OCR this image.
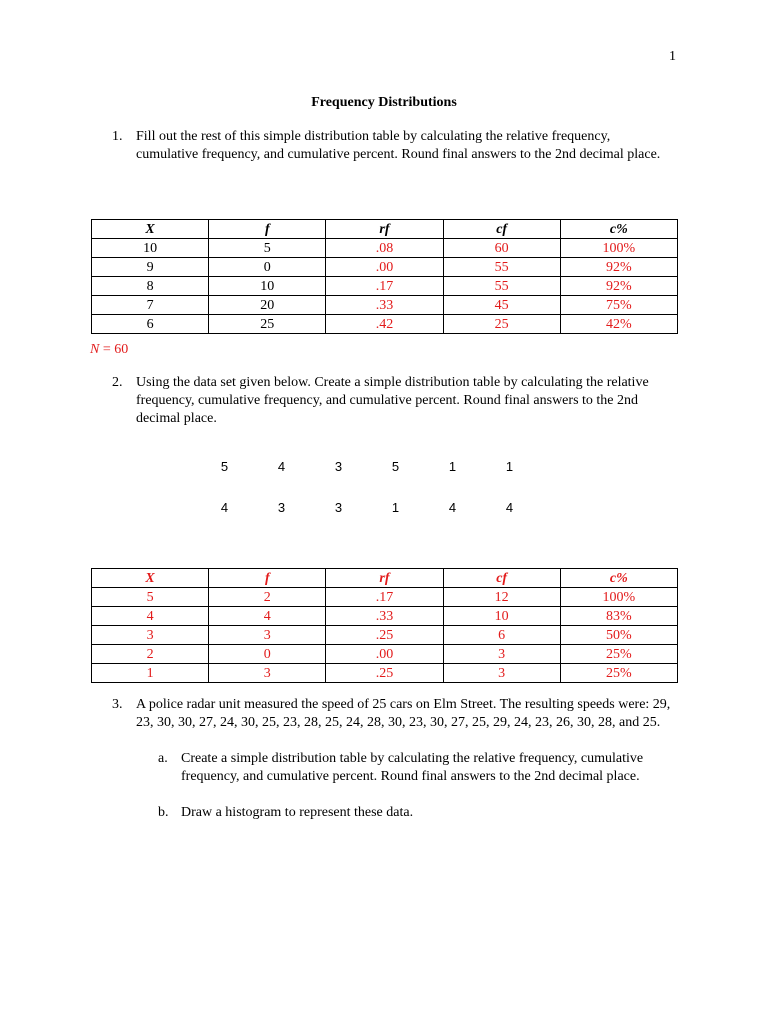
1
Frequency Distributions
1. Fill out the rest of this simple distribution table by calculating the relative frequency, cumulative frequency, and cumulative percent. Round final answers to the 2nd decimal place.
X	f	rf	cf	c%
10	5	.08	60	100%
9	0	.00	55	92%
8	10	.17	55	92%
7	20	.33	45	75%
6	25	.42	25	42%
N = 60
2. Using the data set given below. Create a simple distribution table by calculating the relative frequency, cumulative frequency, and cumulative percent. Round final answers to the 2nd decimal place.
5	4	3	5	1	1
4	3	3	1	4	4
X	f	rf	cf	c%
5	2	.17	12	100%
4	4	.33	10	83%
3	3	.25	6	50%
2	0	.00	3	25%
1	3	.25	3	25%
3. A police radar unit measured the speed of 25 cars on Elm Street. The resulting speeds were: 29, 23, 30, 30, 27, 24, 30, 25, 23, 28, 25, 24, 28, 30, 23, 30, 27, 25, 29, 24, 23, 26, 30, 28, and 25.
a. Create a simple distribution table by calculating the relative frequency, cumulative frequency, and cumulative percent. Round final answers to the 2nd decimal place.
b. Draw a histogram to represent these data.
